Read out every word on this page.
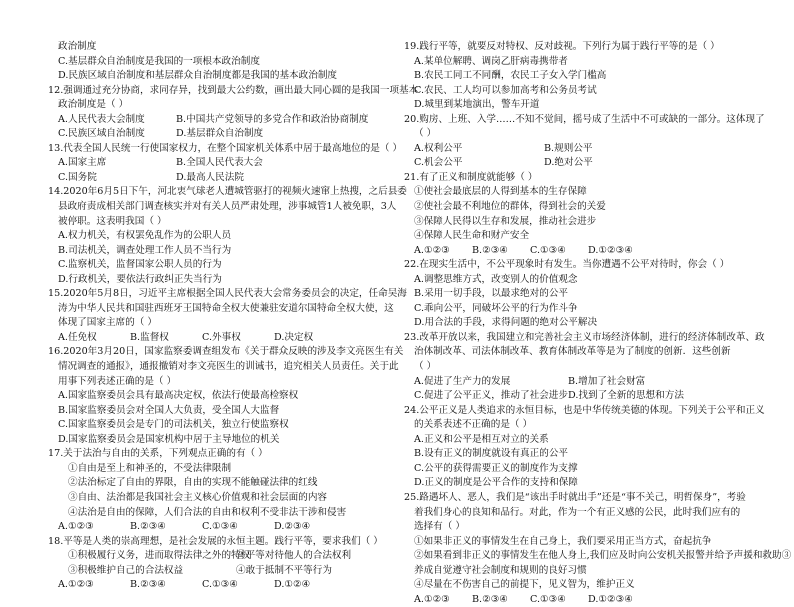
政治制度
C.基层群众自治制度是我国的一项根本政治制度
D.民族区域自治制度和基层群众自治制度都是我国的基本政治制度
12.强调通过充分协商，求同存异，找到最大公约数，画出最大同心圆的是我国一项基本
政治制度是（ ）
A.人民代表大会制度	B.中国共产党领导的多党合作和政治协商制度
C.民族区域自治制度	D.基层群众自治制度
13.代表全国人民统一行使国家权力，在整个国家机关体系中居于最高地位的是（ ）
A.国家主席	B.全国人民代表大会
C.国务院	D.最高人民法院
14.2020年6月5日下午，河北衷气球老人遭城管驱打的视频火速窜上热搜，之后县委
县政府责成相关部门调查核实并对有关人员严肃处理，涉事城管1人被免职，3人
被停职。这表明我国（ ）
A.权力机关，有权罢免乱作为的公职人员
B.司法机关，调查处理工作人员不当行为
C.监察机关，监督国家公职人员的行为
D.行政机关，要依法行政纠正失当行为
15.2020年5月8日，习近平主席根据全国人民代表大会常务委员会的决定，任命吴海
涛为中华人民共和国驻西班牙王国特命全权大使兼驻安道尔国特命全权大使，这
体现了国家主席的（ ）
A.任免权	B.监督权	C.外事权	D.决定权
16.2020年3月20日，国家监察委调查组发布《关于群众反映的涉及李文亮医生有关
情况调查的通报》，通报撤销对李文亮医生的训诫书，追究相关人员责任。关于此
用事下列表述正确的是（ ）
A.国家监察委员会具有最高决定权，依法行使最高检察权
B.国家监察委员会对全国人大负责，受全国人大监督
C.国家监察委员会是专门的司法机关，独立行使监察权
D.国家监察委员会是国家机构中居于主导地位的机关
17.关于法治与自由的关系，下列观点正确的有（ ）
①自由是至上和神圣的，不受法律限制
②法治标定了自由的界限，自由的实现不能触碰法律的红线
③自由、法治都是我国社会主义核心价值观和社会层面的内容
④法治是自由的保障，人们合法的自由和权利不受非法干涉和侵害
A.①②③	B.②③④	C.①③④	D.②③④
18.平等是人类的崇高理想，是社会发展的永恒主题。践行平等，要求我们（ ）
①积极履行义务，进而取得法律之外的特权
②平等对待他人的合法权利
③积极维护自己的合法权益	④敢于抵制不平等行为
A.①②③	B.②③④	C.①③④	D.①②④
19.践行平等，就要反对特权、反对歧视。下列行为属于践行平等的是（ ）
A.某单位解聘、调岗乙肝病毒携带者
B.农民工同工不同酬，农民工子女入学门槛高
C.农民、工人均可以参加高考和公务员考试
D.城里到某地演出，警车开道
20.购房、上班、入学……不知不觉间，摇号成了生活中不可或缺的一部分。这体现了
（ ）
A.权利公平	B.规则公平
C.机会公平	D.绝对公平
21.有了正义和制度就能够（ ）
①使社会最底层的人得到基本的生存保障
②使社会最不利地位的群体，得到社会的关爱
③保障人民得以生存和发展，推动社会进步
④保障人民生命和财产安全
A.①②③	B.②③④	C.①③④	D.①②③④
22.在现实生活中，不公平现象时有发生。当你遭遇不公平对待时，你会（ ）
A.调整思维方式，改变别人的价值观念
B.采用一切手段，以最求绝对的公平
C.乖向公平，同破坏公平的行为作斗争
D.用合法的手段，求得问题的绝对公平解决
23.改革开放以来，我国建立和完善社会主义市场经济体制，进行的经济体制改革、政
治体制改革、司法体制改革、教育体制改革等是为了制度的创新．这些创新
（ ）
A.促进了生产力的发展	B.增加了社会财富
C.促进了公平正义，推动了社会进步 D.找到了全新的思想和方法
24.公平正义是人类追求的永恒目标，也是中华传统美德的体现。下列关于公平和正义
的关系表述不正确的是（ ）
A.正义和公平是相互对立的关系
B.设有正义的制度就设有真正的公平
C.公平的获得需要正义的制度作为支撑
D.正义的制度是公平合作的支持和保障
25.路遇坏人、恶人，我们是“该出手时就出手”还是“事不关己，明哲保身”，考验
着我们身心的良知和品行。对此，作为一个有正义感的公民，此时我们应有的
选择有（ ）
①如果非正义的事情发生在自己身上，我们要采用正当方式，奋起抗争
②如果看到非正义的事情发生在他人身上,我们应及时向公安机关报警并给予声援和救助③
养成自觉遵守社会制度和规则的良好习惯
④尽量在不伤害自己的前提下，见义智为，维护正义
A.①②③	B.②③④	C.①③④	D.①②③④
